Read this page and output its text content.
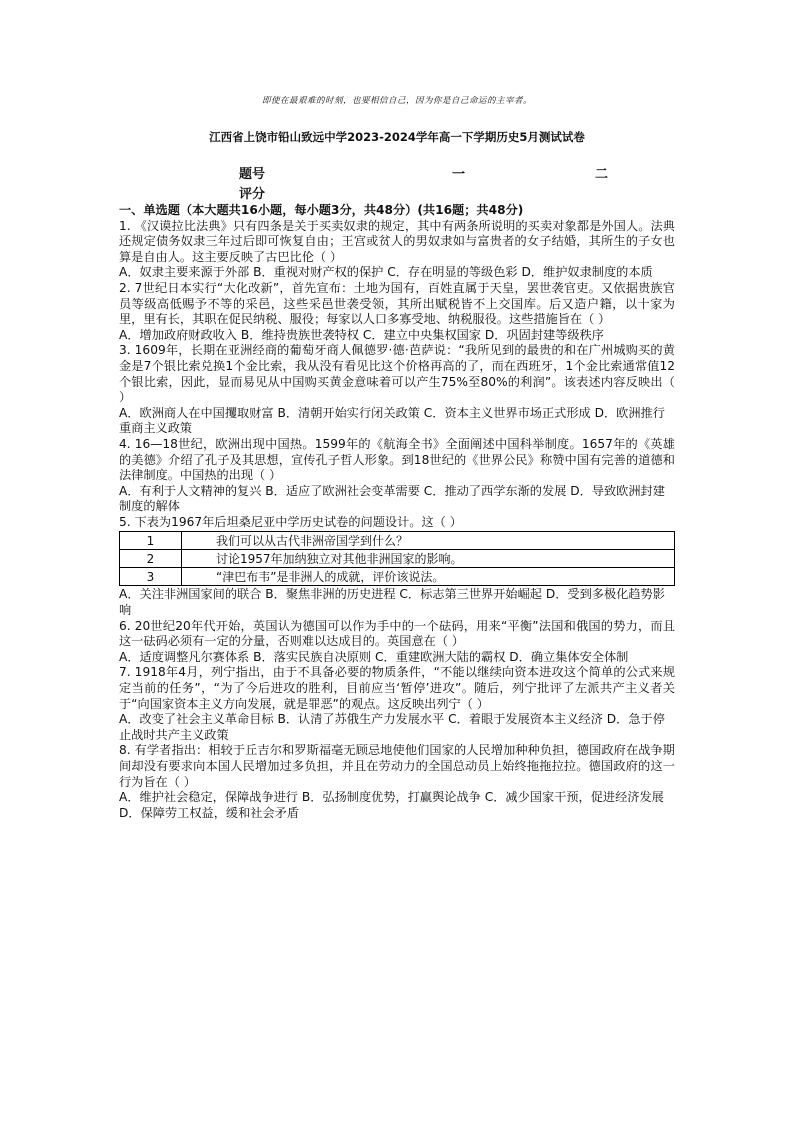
即使在最艰难的时刻，也要相信自己，因为你是自己命运的主宰者。

江西省上饶市铅山致远中学2023-2024学年高一下学期历史5月测试试卷

题号	一	二
评分

一、单选题（本大题共16小题，每小题3分，共48分）(共16题；共48分)

1. 《汉谟拉比法典》只有四条是关于买卖奴隶的规定，其中有两条所说明的买卖对象都是外国人。法典还规定债务奴隶三年过后即可恢复自由；王宫或贫人的男奴隶如与富贵者的女子结婚，其所生的子女也算是自由人。这主要反映了古巴比伦（ ）

A．奴隶主要来源于外部 B．重视对财产权的保护 C．存在明显的等级色彩 D．维护奴隶制度的本质

2. 7世纪日本实行“大化改新”，首先宣布：土地为国有，百姓直属于天皇，罢世袭官吏。又依据贵族官员等级高低赐予不等的采邑，这些采邑世袭受领，其所出赋税皆不上交国库。后又造户籍，以十家为里，里有长，其职在促民纳税、服役；每家以人口多寡受地、纳税服役。这些措施旨在（ ）

A．增加政府财政收入 B．维持贵族世袭特权 C．建立中央集权国家 D．巩固封建等级秩序

3. 1609年，长期在亚洲经商的葡萄牙商人佩德罗·德·芭萨说：“我所见到的最贵的和在广州城购买的黄金是7个银比索兑换1个金比索，我从没有看见比这个价格再高的了，而在西班牙，1个金比索通常值12个银比索，因此，显而易见从中国购买黄金意味着可以产生75%至80%的利润”。该表述内容反映出（ ）

A．欧洲商人在中国攫取财富 B．清朝开始实行闭关政策 C．资本主义世界市场正式形成 D．欧洲推行重商主义政策

4. 16—18世纪，欧洲出现中国热。1599年的《航海全书》全面阐述中国科举制度。1657年的《英雄的美德》介绍了孔子及其思想，宣传孔子哲人形象。到18世纪的《世界公民》称赞中国有完善的道德和法律制度。中国热的出现（ ）

A．有利于人文精神的复兴 B．适应了欧洲社会变革需要 C．推动了西学东渐的发展 D．导致欧洲封建制度的解体

5. 下表为1967年后坦桑尼亚中学历史试卷的问题设计。这（ ）

1	我们可以从古代非洲帝国学到什么？
2	讨论1957年加纳独立对其他非洲国家的影响。
3	“津巴布韦”是非洲人的成就，评价该说法。

A．关注非洲国家间的联合 B．聚焦非洲的历史进程 C．标志第三世界开始崛起 D．受到多极化趋势影响

6. 20世纪20年代开始，英国认为德国可以作为手中的一个砝码，用来“平衡”法国和俄国的势力，而且这一砝码必须有一定的分量，否则难以达成目的。英国意在（ ）

A．适度调整凡尔赛体系 B．落实民族自决原则 C．重建欧洲大陆的霸权 D．确立集体安全体制

7. 1918年4月，列宁指出，由于不具备必要的物质条件，“不能以继续向资本进攻这个简单的公式来规定当前的任务”，“为了今后进攻的胜利，目前应当‘暂停’进攻”。随后，列宁批评了左派共产主义者关于“向国家资本主义方向发展，就是罪恶”的观点。这反映出列宁（ ）

A．改变了社会主义革命目标 B．认清了苏俄生产力发展水平 C．着眼于发展资本主义经济 D．急于停止战时共产主义政策

8. 有学者指出：相较于丘吉尔和罗斯福毫无顾忌地使他们国家的人民增加种种负担，德国政府在战争期间却没有要求向本国人民增加过多负担，并且在劳动力的全国总动员上始终拖拖拉拉。德国政府的这一行为旨在（ ）

A．维护社会稳定，保障战争进行 B．弘扬制度优势，打赢舆论战争 C．减少国家干预，促进经济发展 D．保障劳工权益，缓和社会矛盾
